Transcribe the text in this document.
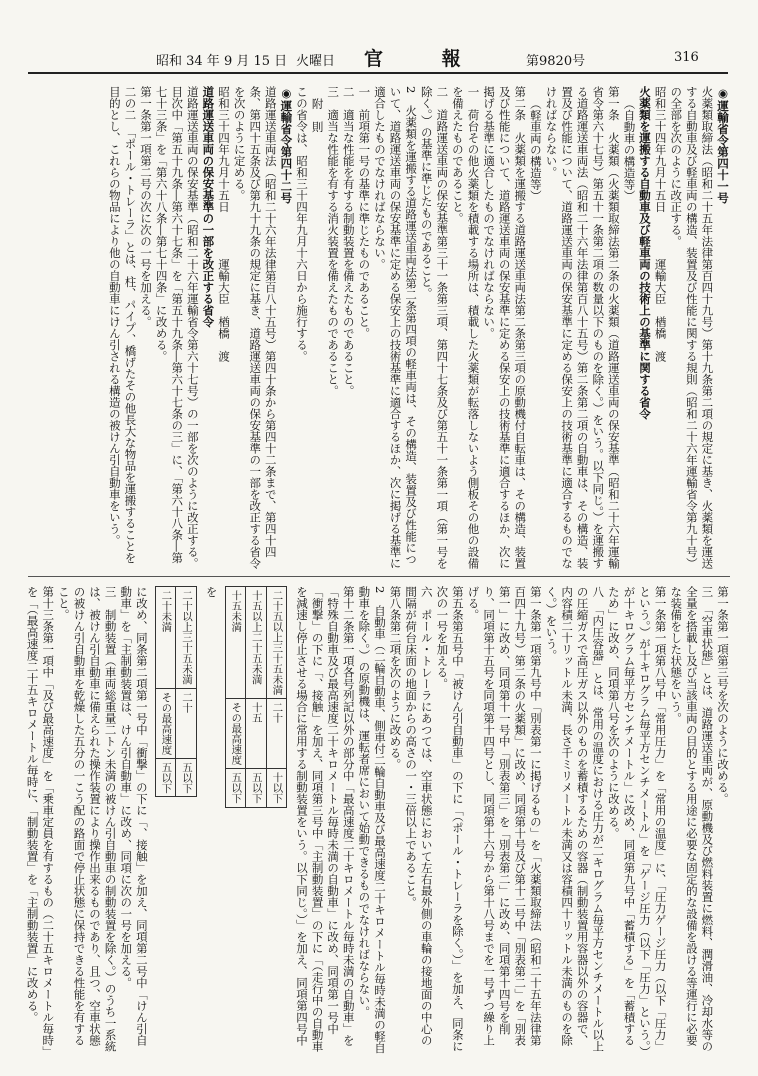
昭和 34 年 9 月 15 日 火曜日 官 報	第9820号	316

◉運輸省令第四十一号

火薬類取締法（昭和二十五年法律第百四十九号）第十九条第二項の規定に基き、火薬類を運送する自動車及び軽車両の構造、装置及び性能に関する規則（昭和二十六年運輸省令第九十号）の全部を次のように改正する。

昭和三十四年九月十五日　　　　運輸大臣　楢橋　渡

火薬類を運搬する自動車及び軽車両の技術上の基準に関する省令

（自動車の構造等）

第一条　火薬類（火薬類取締法第二条の火薬類（道路運送車両の保安基準（昭和二十六年運輸省令第六十七号）第五十一条第二項の数量以下のものを除く。）をいう。以下同じ。）を運搬する道路運送車両法（昭和二十六年法律第百八十五号）第二条第二項の自動車は、その構造、装置及び性能について、道路運送車両の保安基準に定める保安上の技術基準に適合するものでなければならない。

（軽車両の構造等）

第二条　火薬類を運搬する道路運送車両法第二条第三項の原動機付自転車は、その構造、装置及び性能について、道路運送車両の保安基準に定める保安上の技術基準に適合するほか、次に掲げる基準に適合したものでなければならない。

一　荷台その他火薬類を積載する場所は、積載した火薬類が転落しないよう側板その他の設備を備えたものであること。

二　道路運送車両の保安基準第三十一条第三項、第四十七条及び第五十一条第一項（第一号を除く。）の基準に準じたものであること。

2　火薬類を運搬する道路運送車両法第二条第四項の軽車両は、その構造、装置及び性能について、道路運送車両の保安基準に定める保安上の技術基準に適合するほか、次に掲げる基準に適合したものでなければならない。

一　前項第一号の基準に準じたものであること。

二　適当な性能を有する制動装置を備えたものであること。

三　適当な性能を有する消火装置を備えたものであること。

附　則

この省令は、昭和三十四年九月十六日から施行する。

◉運輸省令第四十二号

道路運送車両法（昭和二十六年法律第百八十五号）第四十条から第四十二条まで、第四十四条、第四十五条及び第九十九条の規定に基き、道路運送車両の保安基準の一部を改正する省令を次のように定める。

昭和三十四年九月十五日　　　　運輸大臣　楢橋　渡

道路運送車両の保安基準の一部を改正する省令

道路運送車両の保安基準（昭和二十六年運輸省令第六十七号）の一部を次のように改正する。

目次中「第五十九条―第六十七条」を「第五十九条―第六十七条の三」に、「第六十八条―第七十三条」を「第六十八条―第七十四条」に改める。

第一条第一項第二号の次に次の一号を加える。

二の二　「ポール・トレーラ」とは、柱、パイプ、橋げたその他長大な物品を運搬することを目的とし、これらの物品により他の自動車にけん引される構造の被けん引自動車をいう。

第一条第一項第三号を次のように改める。

三　「空車状態」とは、道路運送車両が、原動機及び燃料装置に燃料、潤滑油、冷却水等の全量を搭載し及び当該車両の目的とする用途に必要な固定的な設備を設ける等運行に必要な装備をした状態をいう。

第一条第一項第八号中「常用圧力」を「常用の温度」に、「圧力ゲージ圧力（以下「圧力」という。）が十キログラム毎平方センチメートル」を「ゲージ圧力（以下「圧力」という。）が十キログラム毎平方センチメートル」に改め、同項第九号中「蓄積する」を「蓄積するため」に改め、同項第八号を次のように改める。

八　「内圧容器」とは、常用の温度における圧力が二キログラム毎平方センチメートル以上の圧縮ガスで高圧ガス以外のものを蓄積するための容器（制動装置用容器以外の容器で、内容積二十リットル未満、長さ千ミリメートル未満又は容積四十リットル未満のものを除く。）をいう。

第一条第一項第九号中「別表第一に掲げるもの」を「火薬類取締法（昭和二十五年法律第百四十九号）第二条の火薬類」に改め、同項第十号及び第十二号中「別表第二」を「別表第一」に改め、同項第十一号中「別表第三」を「別表第二」に改め、同項第十四号を削り、同項第十五号を同項第十四号とし、同項第十六号から第十八号までを一号ずつ繰り上げる。

第五条第五号中「被けん引自動車」の下に「（ポール・トレーラを除く。）」を加え、同条に次の一号を加える。

六　ポール・トレーラにあつては、空車状態において左右最外側の車輪の接地面の中心の間隔が荷台床面の地面からの高さの一・三倍以上であること。

第八条第二項を次のように改める。

2　自動車（二輪自動車、側車付二輪自動車及び最高速度二十キロメートル毎時未満の軽自動車を除く。）の原動機は、運転者席において始動できるものでなければならない。

第十二条第一項各号列記以外の部分中「最高速度二十キロメートル毎時未満の自動車」を「特殊自動車及び最高速度二十キロメートル毎時未満の自動車」に改め、同項第一号中「衝撃」の下に「、接触」を加え、同項第三号中「主制動装置」の下に「（走行中の自動車を減速し停止させる場合に常用する制動装置をいう。以下同じ。）」を加え、同項第四号中

二十五以上三十五未満	二十	十以下
十五以上二十五未満	十五	五以下
十五未満	その最高速度	五以下

を

二十以上三十五未満	二十	五以下
二十未満	その最高速度	五以下

に改め、同条第二項第一号中「衝撃」の下に「、接触」を加え、同項第二号中「けん引自動車」を「主制動装置は、けん引自動車」に改め、同項に次の一号を加える。

三　制動装置（車両総重量二トン未満の被けん引自動車の制動装置を除く。）のうち一系統は、被けん引自動車に備えられた操作装置により操作出来るものであり、且つ、空車状態の被けん引自動車を乾燥した五分の一こう配の路面で停止状態に保持できる性能を有すること。

第十三条第一項中「及び最高速度」を「乗車定員を有するもの（二十五キロメートル毎時」を「（最高速度二十五キロメートル毎時に、「制動装置」を「主制動装置」に改める。
